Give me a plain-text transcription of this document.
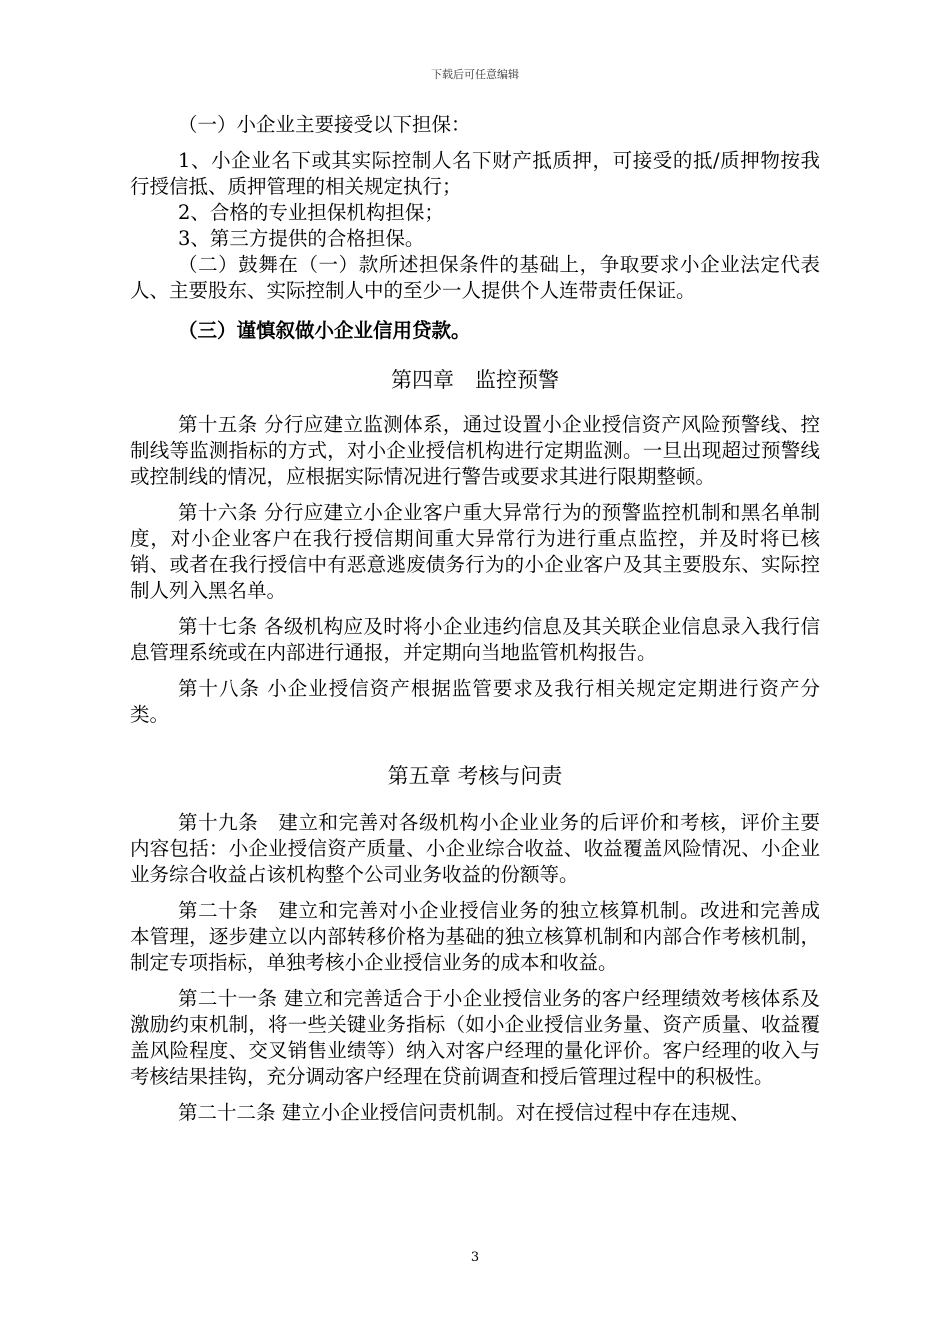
下载后可任意编辑

（一）小企业主要接受以下担保：

1、小企业名下或其实际控制人名下财产抵质押，可接受的抵/质押物按我行授信抵、质押管理的相关规定执行；

2、合格的专业担保机构担保；

3、第三方提供的合格担保。

（二）鼓舞在（一）款所述担保条件的基础上，争取要求小企业法定代表人、主要股东、实际控制人中的至少一人提供个人连带责任保证。

（三）谨慎叙做小企业信用贷款。

第四章　监控预警

第十五条 分行应建立监测体系，通过设置小企业授信资产风险预警线、控制线等监测指标的方式，对小企业授信机构进行定期监测。一旦出现超过预警线或控制线的情况，应根据实际情况进行警告或要求其进行限期整顿。

第十六条 分行应建立小企业客户重大异常行为的预警监控机制和黑名单制度，对小企业客户在我行授信期间重大异常行为进行重点监控，并及时将已核销、或者在我行授信中有恶意逃废债务行为的小企业客户及其主要股东、实际控制人列入黑名单。

第十七条 各级机构应及时将小企业违约信息及其关联企业信息录入我行信息管理系统或在内部进行通报，并定期向当地监管机构报告。

第十八条 小企业授信资产根据监管要求及我行相关规定定期进行资产分类。

第五章 考核与问责

第十九条　建立和完善对各级机构小企业业务的后评价和考核，评价主要内容包括：小企业授信资产质量、小企业综合收益、收益覆盖风险情况、小企业业务综合收益占该机构整个公司业务收益的份额等。

第二十条　建立和完善对小企业授信业务的独立核算机制。改进和完善成本管理，逐步建立以内部转移价格为基础的独立核算机制和内部合作考核机制，制定专项指标，单独考核小企业授信业务的成本和收益。

第二十一条 建立和完善适合于小企业授信业务的客户经理绩效考核体系及激励约束机制，将一些关键业务指标（如小企业授信业务量、资产质量、收益覆盖风险程度、交叉销售业绩等）纳入对客户经理的量化评价。客户经理的收入与考核结果挂钩，充分调动客户经理在贷前调查和授后管理过程中的积极性。

第二十二条 建立小企业授信问责机制。对在授信过程中存在违规、

3
